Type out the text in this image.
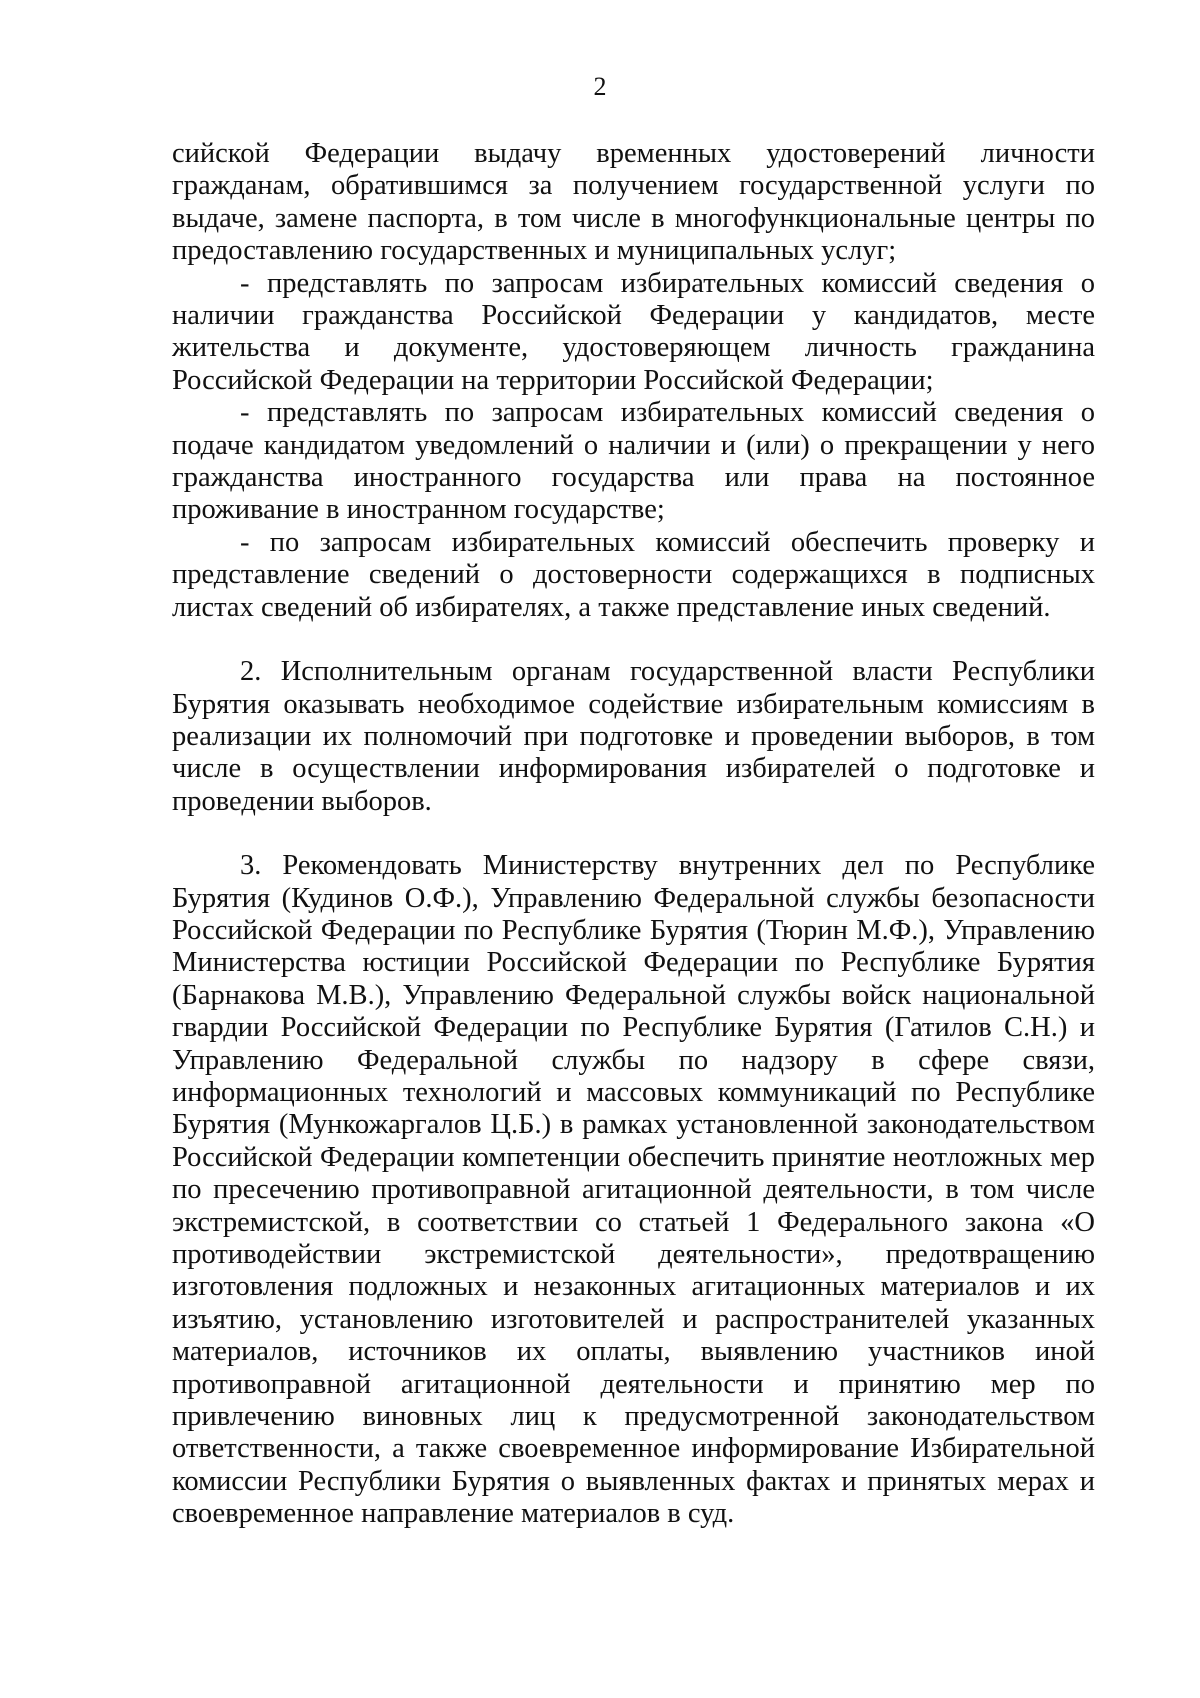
2

сийской Федерации выдачу временных удостоверений личности гражданам, обратившимся за получением государственной услуги по выдаче, замене паспорта, в том числе в многофункциональные центры по предоставлению государственных и муниципальных услуг;

- представлять по запросам избирательных комиссий сведения о наличии гражданства Российской Федерации у кандидатов, месте жительства и документе, удостоверяющем личность гражданина Российской Федерации на территории Российской Федерации;

- представлять по запросам избирательных комиссий сведения о подаче кандидатом уведомлений о наличии и (или) о прекращении у него гражданства иностранного государства или права на постоянное проживание в иностранном государстве;

- по запросам избирательных комиссий обеспечить проверку и представление сведений о достоверности содержащихся в подписных листах сведений об избирателях, а также представление иных сведений.

2. Исполнительным органам государственной власти Республики Бурятия оказывать необходимое содействие избирательным комиссиям в реализации их полномочий при подготовке и проведении выборов, в том числе в осуществлении информирования избирателей о подготовке и проведении выборов.

3. Рекомендовать Министерству внутренних дел по Республике Бурятия (Кудинов О.Ф.), Управлению Федеральной службы безопасности Российской Федерации по Республике Бурятия (Тюрин М.Ф.), Управлению Министерства юстиции Российской Федерации по Республике Бурятия (Барнакова М.В.), Управлению Федеральной службы войск национальной гвардии Российской Федерации по Республике Бурятия (Гатилов С.Н.) и Управлению Федеральной службы по надзору в сфере связи, информационных технологий и массовых коммуникаций по Республике Бурятия (Мункожаргалов Ц.Б.) в рамках установленной законодательством Российской Федерации компетенции обеспечить принятие неотложных мер по пресечению противоправной агитационной деятельности, в том числе экстремистской, в соответствии со статьей 1 Федерального закона «О противодействии экстремистской деятельности», предотвращению изготовления подложных и незаконных агитационных материалов и их изъятию, установлению изготовителей и распространителей указанных материалов, источников их оплаты, выявлению участников иной противоправной агитационной деятельности и принятию мер по привлечению виновных лиц к предусмотренной законодательством ответственности, а также своевременное информирование Избирательной комиссии Республики Бурятия о выявленных фактах и принятых мерах и своевременное направление материалов в суд.
